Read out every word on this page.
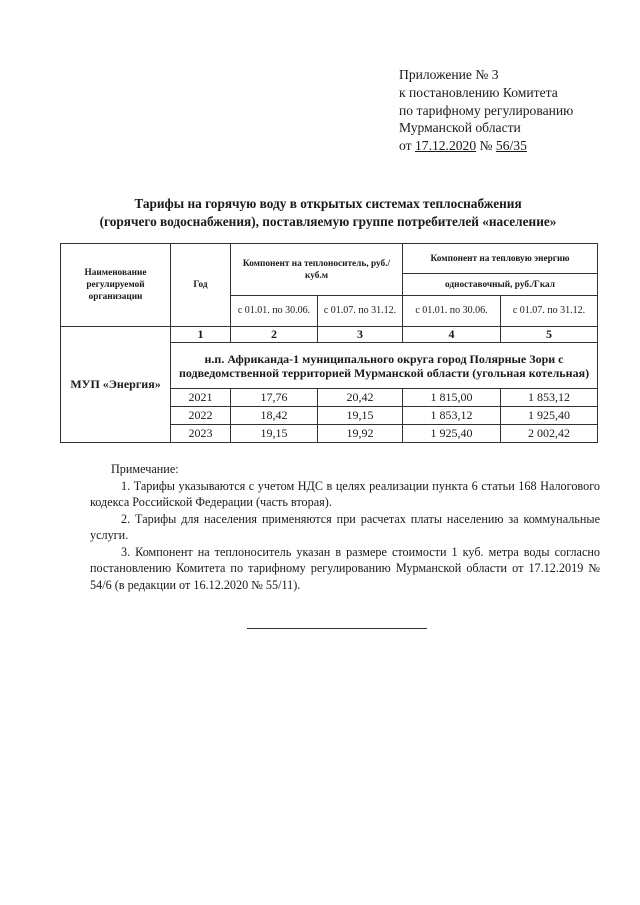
Приложение № 3
к постановлению Комитета
по тарифному регулированию
Мурманской области
от 17.12.2020 № 56/35
Тарифы на горячую воду в открытых системах теплоснабжения
(горячего водоснабжения), поставляемую группе потребителей «население»
Наименование регулируемой организации	Год	Компонент на теплоноситель, руб./куб.м		Компонент на тепловую энергию	
				одноставочный, руб./Гкал	
		с 01.01. по 30.06.	с 01.07. по 31.12.	с 01.01. по 30.06.	с 01.07. по 31.12.
МУП «Энергия»	1	2	3	4	5
	н.п. Африканда-1 муниципального округа город Полярные Зори с подведомственной территорией Мурманской области (угольная котельная)				
	2021	17,76	20,42	1 815,00	1 853,12
	2022	18,42	19,15	1 853,12	1 925,40
	2023	19,15	19,92	1 925,40	2 002,42

Примечание:

1. Тарифы указываются с учетом НДС в целях реализации пункта 6 статьи 168 Налогового кодекса Российской Федерации (часть вторая).

2. Тарифы для населения применяются при расчетах платы населению за коммунальные услуги.

3. Компонент на теплоноситель указан в размере стоимости 1 куб. метра воды согласно постановлению Комитета по тарифному регулированию Мурманской области от 17.12.2019 № 54/6 (в редакции от 16.12.2020 № 55/11).
